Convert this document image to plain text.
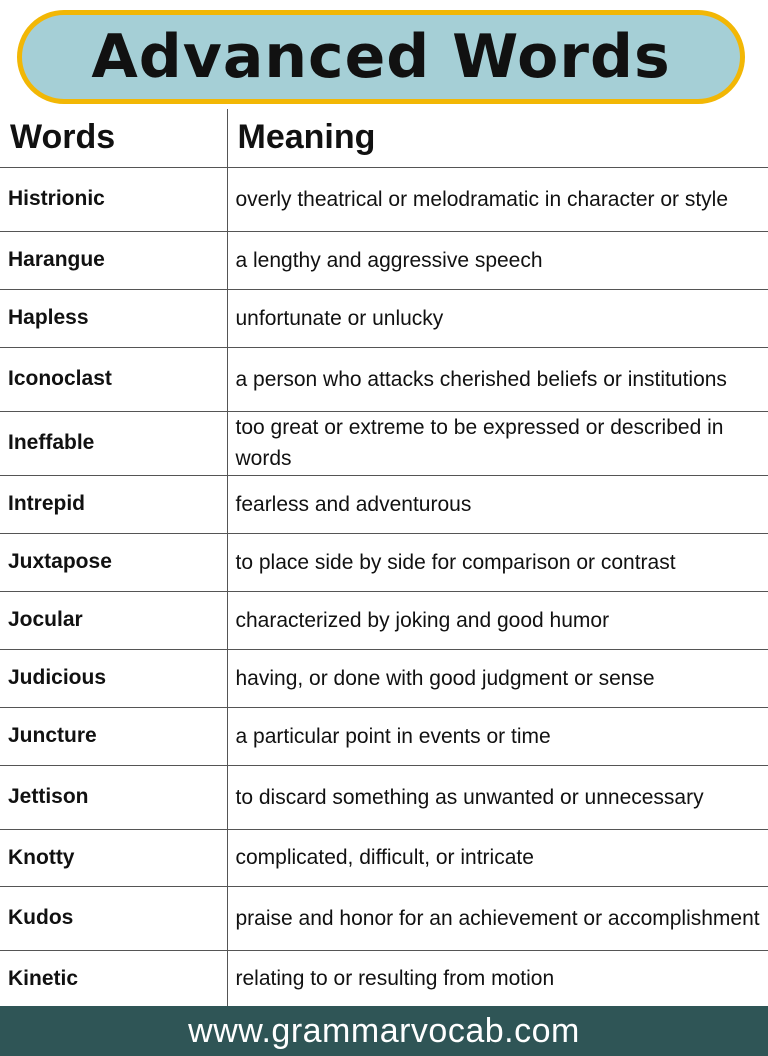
Advanced Words
Words	Meaning
Histrionic	overly theatrical or melodramatic in character or style
Harangue	a lengthy and aggressive speech
Hapless	unfortunate or unlucky
Iconoclast	a person who attacks cherished beliefs or institutions
Ineffable	too great or extreme to be expressed or described in words
Intrepid	fearless and adventurous
Juxtapose	to place side by side for comparison or contrast
Jocular	characterized by joking and good humor
Judicious	having, or done with good judgment or sense
Juncture	a particular point in events or time
Jettison	to discard something as unwanted or unnecessary
Knotty	complicated, difficult, or intricate
Kudos	praise and honor for an achievement or accomplishment
Kinetic	relating to or resulting from motion
www.grammarvocab.com
